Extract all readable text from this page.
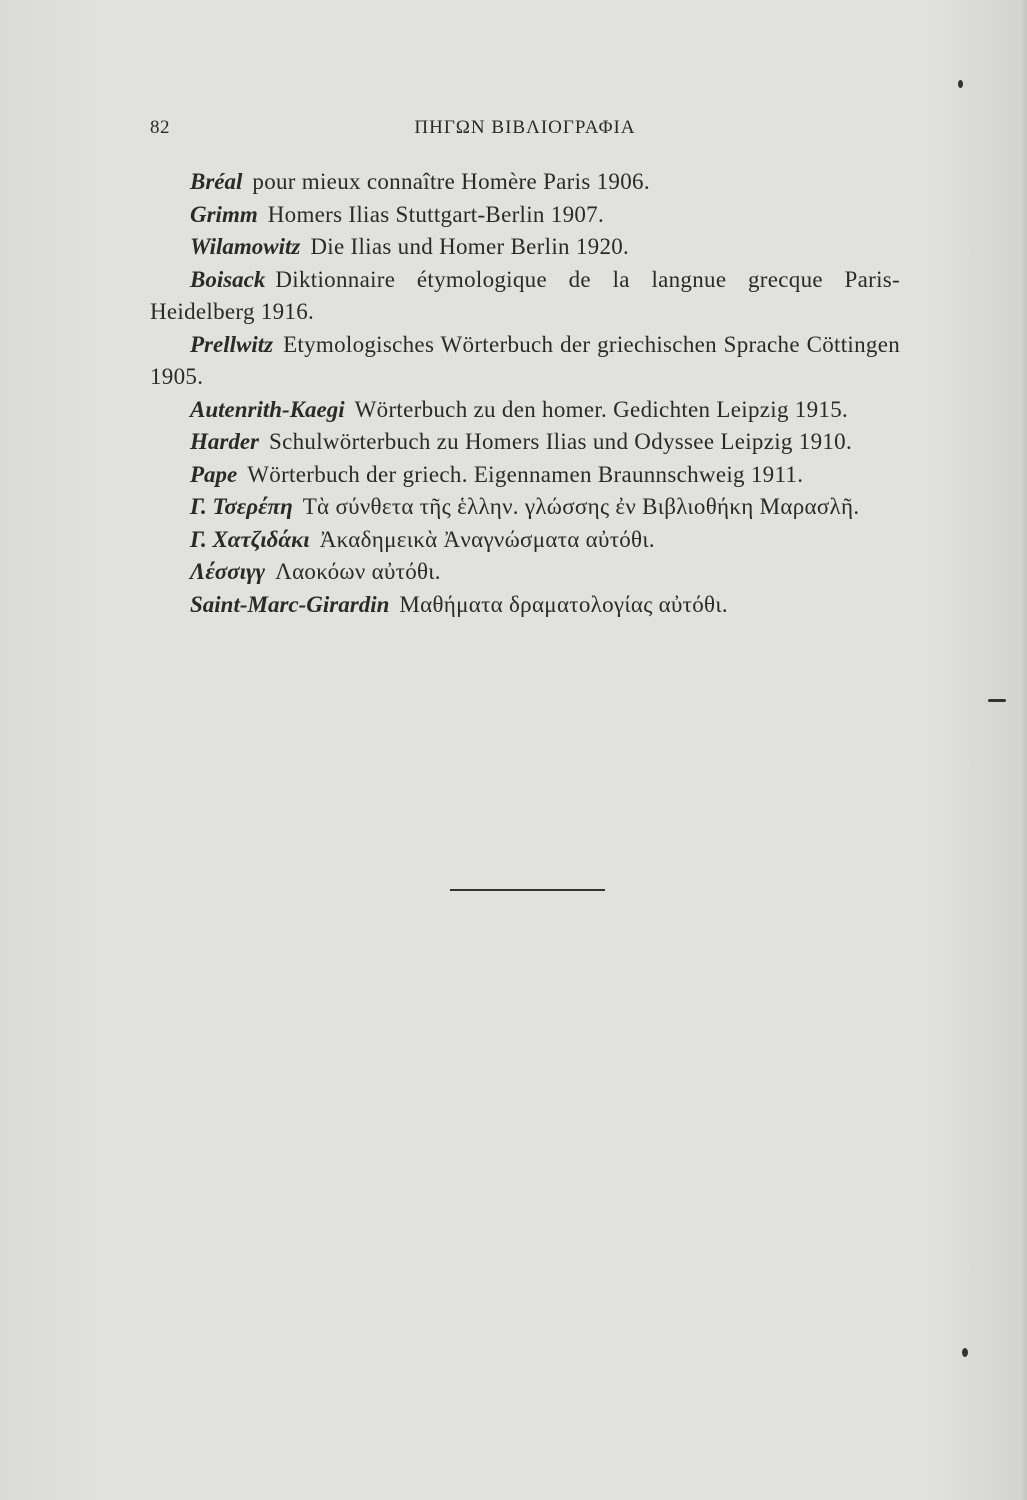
82	ΠΗΓΩΝ ΒΙΒΛΙΟΓΡΑΦΙΑ

Bréal pour mieux connaître Homère Paris 1906.

Grimm Homers Ilias Stuttgart-Berlin 1907.

Wilamowitz Die Ilias und Homer Berlin 1920.

Boisack Diktionnaire étymologique de la langnue grecque Paris-Heidelberg 1916.

Prellwitz Etymologisches Wörterbuch der griechischen Sprache Cöttingen 1905.

Autenrith-Kaegi Wörterbuch zu den homer. Gedichten Leipzig 1915.

Harder Schulwörterbuch zu Homers Ilias und Odyssee Leipzig 1910.

Pape Wörterbuch der griech. Eigennamen Braunnschweig 1911.

Γ. Τσερέπη Τὰ σύνθετα τῆς ἑλλην. γλώσσης ἐν Βιβλιοθήκη Μαρασλῆ.

Γ. Χατζιδάκι Ἀκαδημεικὰ Ἀναγνώσματα αὐτόθι.

Λέσσιγγ Λαοκόων αὐτόθι.

Saint-Marc-Girardin Μαθήματα δραματολογίας αὐτόθι.
